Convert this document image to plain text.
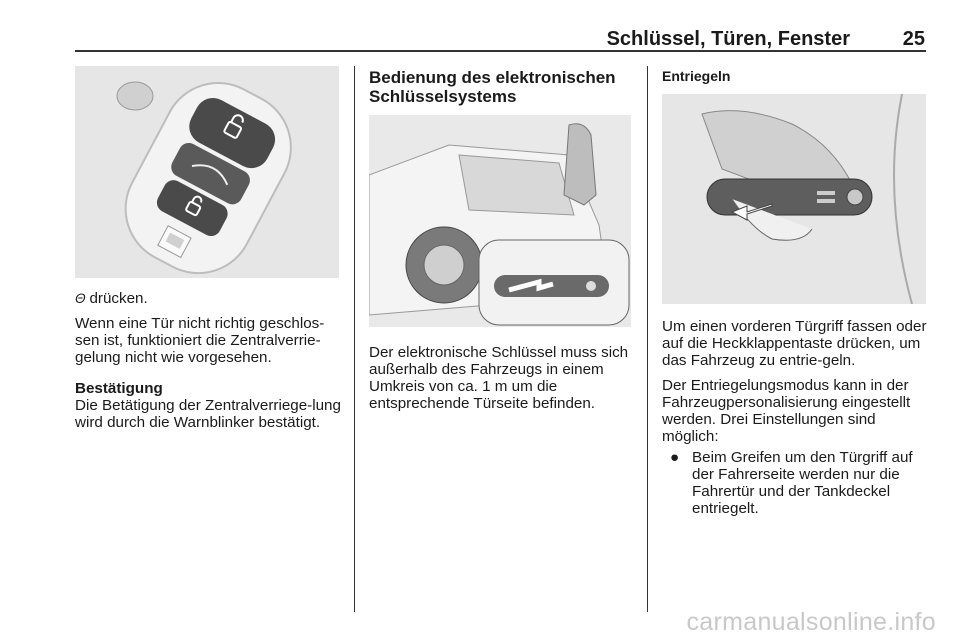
Schlüssel, Türen, Fenster	25

𝛩 drücken.

Wenn eine Tür nicht richtig geschlos-sen ist, funktioniert die Zentralverrie-gelung nicht wie vorgesehen.

Bestätigung

Die Betätigung der Zentralverriege-lung wird durch die Warnblinker bestätigt.

Bedienung des elektronischen Schlüsselsystems

Der elektronische Schlüssel muss sich außerhalb des Fahrzeugs in einem Umkreis von ca. 1 m um die entsprechende Türseite befinden.

Entriegeln

Um einen vorderen Türgriff fassen oder auf die Heckklappentaste drücken, um das Fahrzeug zu entrie-geln.

Der Entriegelungsmodus kann in der Fahrzeugpersonalisierung eingestellt werden. Drei Einstellungen sind möglich:

● Beim Greifen um den Türgriff auf der Fahrerseite werden nur die Fahrertür und der Tankdeckel entriegelt.
carmanualsonline.info
